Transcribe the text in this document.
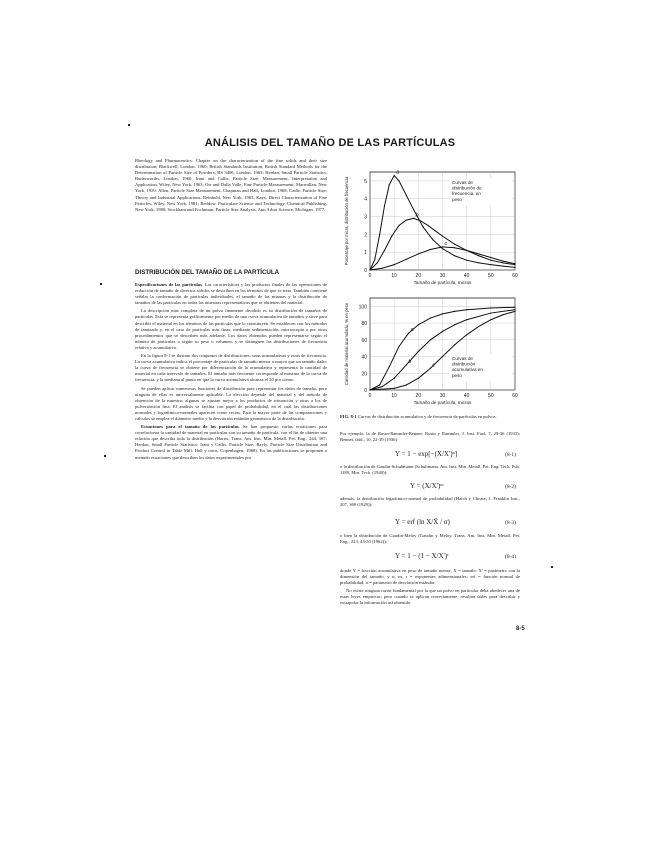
ANÁLISIS DEL TAMAÑO DE LAS PARTÍCULAS
Rheology and Pharmaceutics. Chapter on the characterization of the fine solids and their size distribution, Blackwell, London, 1960; British Standards Institution, British Standard Methods for the Determination of Particle Size of Powders, BS 3406, London, 1963; Herdan, Small Particle Statistics, Butterworths, London, 1960; Irani and Callis, Particle Size: Measurement, Interpretation and Application, Wiley, New York, 1963; Orr and Dalla Valle, Fine Particle Measurement, Macmillan, New York, 1959; Allen, Particle Size Measurement, Chapman and Hall, London, 1968; Cadle, Particle Size: Theory and Industrial Applications, Reinhold, New York, 1965; Kaye, Direct Characterization of Fine Particles, Wiley, New York, 1981; Beddow, Particulate Science and Technology, Chemical Publishing, New York, 1980; Stockham and Fochtman, Particle Size Analysis, Ann Arbor Science, Michigan, 1977.
DISTRIBUCIÓN DEL TAMAÑO DE LA PARTÍCULA

Especificaciones de las partículas. Las características y las productos finales de las operaciones de reducción de tamaño de diversos sólidos se describen en los términos de que se trata. También conviene señalar la conformación de partículas individuales, el tamaño de las mismas y la distribución de tamaños de las partículas en todas las muestras representativas que se obtienen del material.

La descripción más completa de un polvo finamente dividido es su distribución de tamaños de partículas. Esta se representa gráficamente por medio de una curva acumulativa de tamaños y sirve para describir el material en los términos de las partículas que lo constituyen. Se establecen con los métodos de tamizado y, en el caso de partículas más finas, mediante sedimentación, microscopia o por otros procedimientos que se describen más adelante. Los datos obtenidos pueden representarse según el número de partículas o según su peso o volumen, y se distinguen las distribuciones de frecuencia relativa y acumulativa.

En la figura 8-1 se ilustran dos conjuntos de distribuciones: unas acumulativas y otras de frecuencia. La curva acumulativa indica el porcentaje de partículas de tamaño menor o mayor que un tamaño dado; la curva de frecuencia se obtiene por diferenciación de la acumulativa y representa la cantidad de material en cada intervalo de tamaños. El tamaño más frecuente corresponde al máximo de la curva de frecuencia, y la mediana al punto en que la curva acumulativa alcanza el 50 por ciento.

Se pueden aplicar numerosas funciones de distribución para representar los datos de tamaño, pero ninguna de ellas es universalmente aplicable. La elección depende del material y del método de obtención de la muestra; algunas se ajustan mejor a los productos de trituración y otras a los de pulverización fina. El análisis se facilita con papel de probabilidad, en el cual las distribuciones normales y logarítmico-normales aparecen como rectas. Para la mayor parte de las comparaciones y cálculos se emplea el diámetro medio y la desviación estándar geométrica de la distribución.

Ecuaciones para el tamaño de las partículas. Se han propuesto varias ecuaciones para correlacionar la cantidad de material en partículas con su tamaño de partícula, con el fin de obtener una relación que describa toda la distribución (Harris, Trans. Am. Inst. Min. Metall. Pet. Eng., 244, 187; Herdan, Small Particle Statistics; Irani y Callis, Particle Size; Bayly, Particle Size Distribution and Product Control in Table Mill, Hall y otros, Copenhagen, 1968). En las publicaciones se proponen a menudo ecuaciones que describen los datos experimentales por

0
1
2
3
4
5
0	10	20	30	40	50	60
a
b
c
Tamaño de partícula, micras
Porcentaje por micra, distribución de frecuencia	Curvas de distribución de frecuencia, en peso
0
20
40
60
80
100
0	10	20	30	40	50	60
a
b
c
Tamaño de partícula, micras
Cantidad de material acumulado, % en peso	Curvas de distribución acumulativa en peso
FIG. 8-1 Curvas de distribución acumulativa y de frecuencia de partículas en polvos.

Por ejemplo, la de Rosin-Rammler-Bennet: Rosin y Rammler, J. Inst. Fuel, 7, 29-36 (1933); Bennet, ibid., 10, 22-39 (1936):

Y = 1 − exp[−(X/X')ⁿ]	(8-1)

o la distribución de Gaudin-Schuhmann (Schuhmann, Am. Inst. Min. Metall. Pet. Eng. Tech. Pub. 1189, Min. Tech. (1940)):

Y = (X/X')ᵐ	(8-2)

además, la distribución logarítmico-normal de probabilidad (Hatch y Choate, J. Franklin Inst., 207, 369 (1929)):

Y = erf (ln X/X̄ / σ)	(8-3)

o bien la distribución de Gaudin-Meloy (Gaudin y Meloy, Trans. Am. Inst. Min. Metall. Pet. Eng., 223, 43-50 (1962)):

Y = 1 − (1 − X/X')ʳ	(8-4)

donde Y = fracción acumulativa en peso de tamaño menor, X = tamaño, X' = parámetro con la dimensión del tamaño, y n, m, r = exponentes adimensionales; erf = función normal de probabilidad; σ = parámetro de desviación estándar.

No existe ninguna razón fundamental por la que un polvo en particular deba obedecer una de estas leyes empíricas; pero cuando se aplican correctamente, resultan útiles para describir y extrapolar la información así obtenida.

8-5
